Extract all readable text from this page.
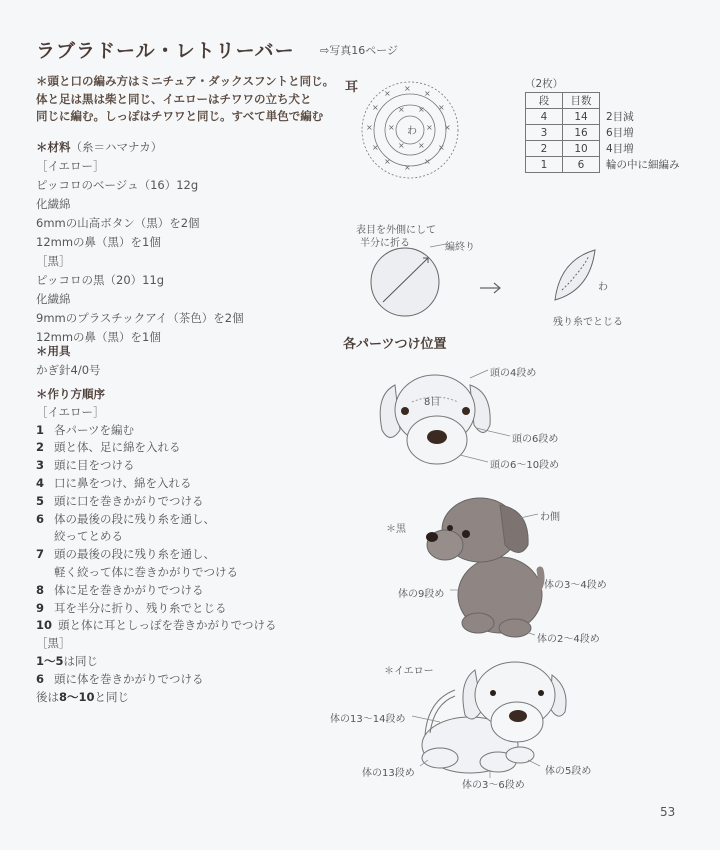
ラブラドール・レトリーバー ⇨写真16ページ
＊頭と口の編み方はミニチュア・ダックスフントと同じ。
体と足は黒は柴と同じ、イエローはチワワの立ち犬と
同じに編む。しっぽはチワワと同じ。すべて単色で編む
＊材料（糸＝ハマナカ）
［イエロー］
ピッコロのベージュ（16）12g
化繊綿
6mmの山高ボタン（黒）を2個
12mmの鼻（黒）を1個
［黒］
ピッコロの黒（20）11g
化繊綿
9mmのプラスチックアイ（茶色）を2個
12mmの鼻（黒）を1個
＊用具
かぎ針4/0号
＊作り方順序
［イエロー］
1 各パーツを編む
2 頭と体、足に綿を入れる
3 頭に目をつける
4 口に鼻をつけ、綿を入れる
5 頭に口を巻きかがりでつける
6 体の最後の段に残り糸を通し、
絞ってとめる
7 頭の最後の段に残り糸を通し、
軽く絞って体に巻きかがりでつける
8 体に足を巻きかがりでつける
9 耳を半分に折り、残り糸でとじる
10 頭と体に耳としっぽを巻きかがりでつける
［黒］
1～5 は同じ
6 頭に体を巻きかがりでつける
後は 8～10 と同じ
耳	（2枚）
段	目数	
4	14	2目減
3	16	6目増
2	10	4目増
1	6	輪の中に細編み
×
×
×
×
×
×
×
×
×
×
×
×
× ×
×
×
×
× わ
表目を外側にして
半分に折る	編終り
わ
残り糸でとじる
各パーツつけ位置
頭の4段め
8目
頭の6段め
頭の6～10段め
＊黒
わ側
体の9段め
体の3～4段め
体の2～4段め
＊イエロー
体の13～14段め
体の13段め
体の3～6段め
体の5段め
53
